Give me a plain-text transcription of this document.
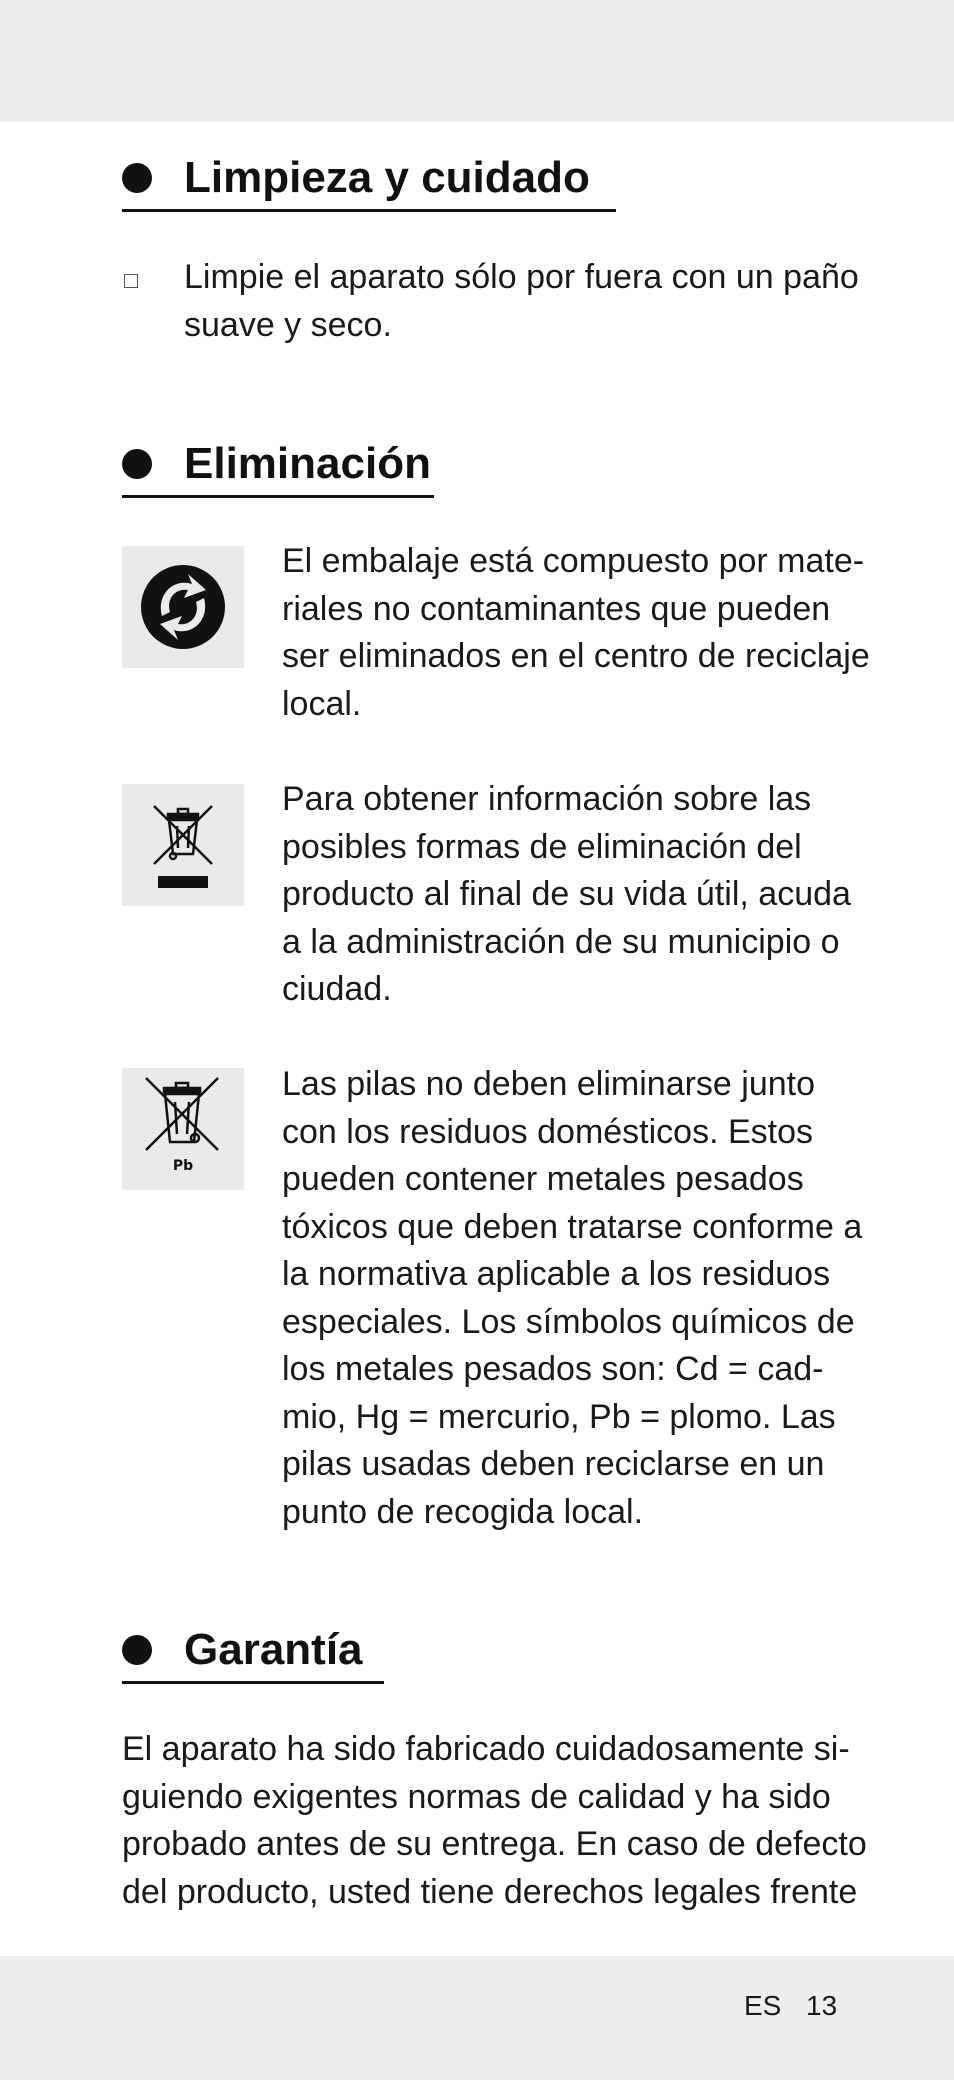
Limpieza y cuidado

Limpie el aparato sólo por fuera con un paño

suave y seco.

Eliminación

El embalaje está compuesto por mate-

riales no contaminantes que pueden

ser eliminados en el centro de reciclaje

local.

Para obtener información sobre las

posibles formas de eliminación del

producto al final de su vida útil, acuda

a la administración de su municipio o

ciudad.

Pb

Las pilas no deben eliminarse junto

con los residuos domésticos. Estos

pueden contener metales pesados

tóxicos que deben tratarse conforme a

la normativa aplicable a los residuos

especiales. Los símbolos químicos de

los metales pesados son: Cd = cad-

mio, Hg = mercurio, Pb = plomo. Las

pilas usadas deben reciclarse en un

punto de recogida local.

Garantía

El aparato ha sido fabricado cuidadosamente si-

guiendo exigentes normas de calidad y ha sido

probado antes de su entrega. En caso de defecto

del producto, usted tiene derechos legales frente

ES 13
